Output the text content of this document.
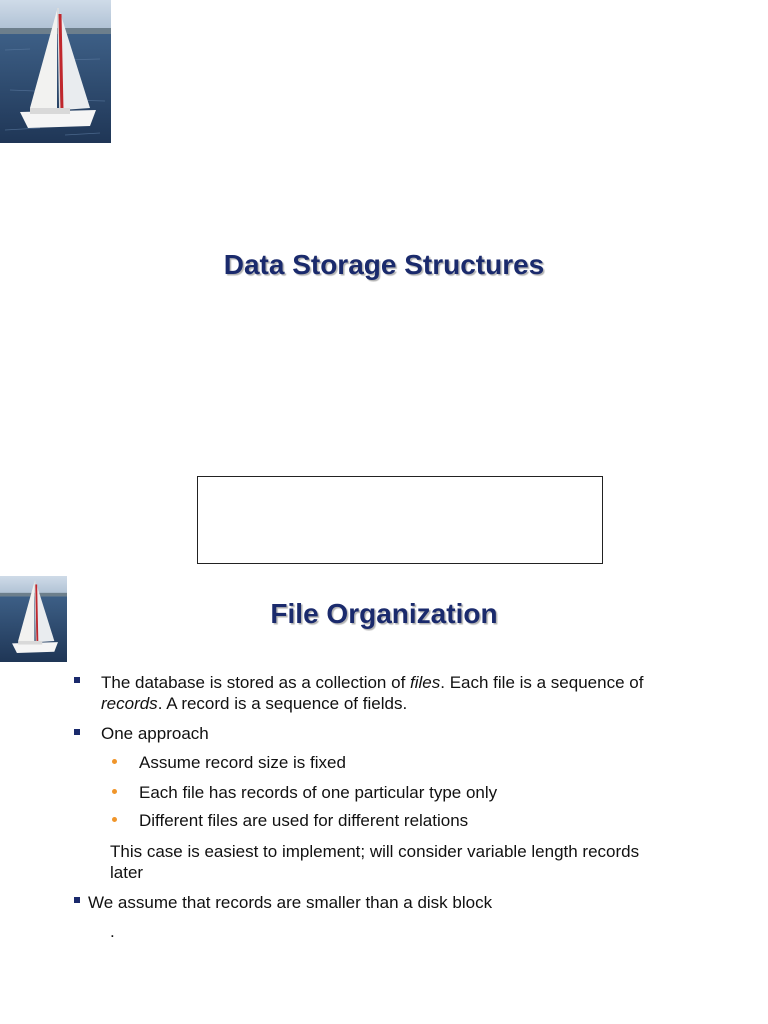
Data Storage Structures
File Organization
The database is stored as a collection of files. Each file is a sequence of
records. A record is a sequence of fields.
One approach
Assume record size is fixed
Each file has records of one particular type only
Different files are used for different relations
This case is easiest to implement; will consider variable length records
later
We assume that records are smaller than a disk block
.
